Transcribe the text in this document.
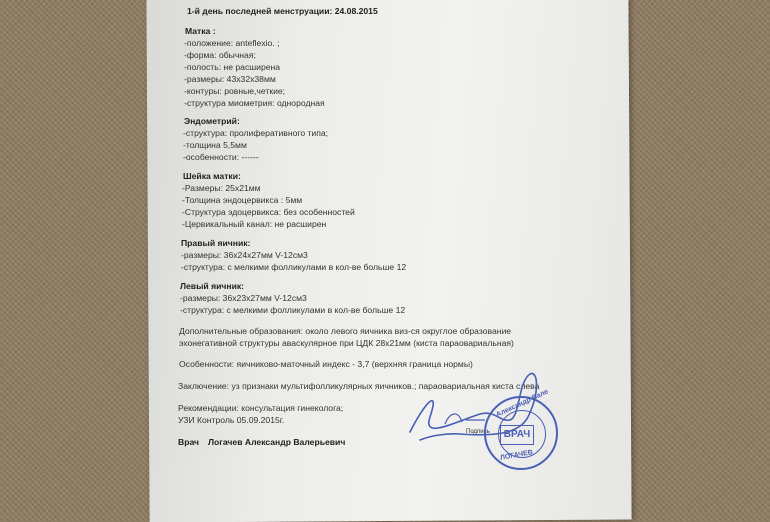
1-й день последней менструации: 24.08.2015
Матка :
-положение: anteflexio. ;
-форма: обычная;
-полость: не расширена
-размеры: 43x32x38мм
-контуры: ровные,четкие;
-структура миометрия: однородная
Эндометрий:
-структура: пролиферативного типа;
-толщина 5,5мм
-особенности: ------
Шейка матки:
-Размеры: 25x21мм
-Толщина эндоцервикса : 5мм
-Структура эдоцервикса: без особенностей
-Цервикальный канал: не расширен
Правый яичник:
-размеры: 36x24x27мм V-12см3
-структура: с мелкими фолликулами в кол-ве больше 12
Левый яичник:
-размеры: 36x23x27мм V-12см3
-структура: с мелкими фолликулами в кол-ве больше 12
Дополнительные образования: около левого яичника виз-ся округлое образование
эхонегативной структуры аваскулярное при ЦДК 28x21мм (киста параовариальная)
Особенности: яичниково-маточный индекс - 3,7 (верхняя граница нормы)
Заключение: уз признаки мультифолликулярных яичников.; параовариальная киста слева
Рекомендации: консультация гинеколога;
УЗИ Контроль 05.09.2015г.
Врач Логачев Александр Валерьевич
Подпись	ВРАЧ
Александр Вале
ЛОГАЧЕВ
